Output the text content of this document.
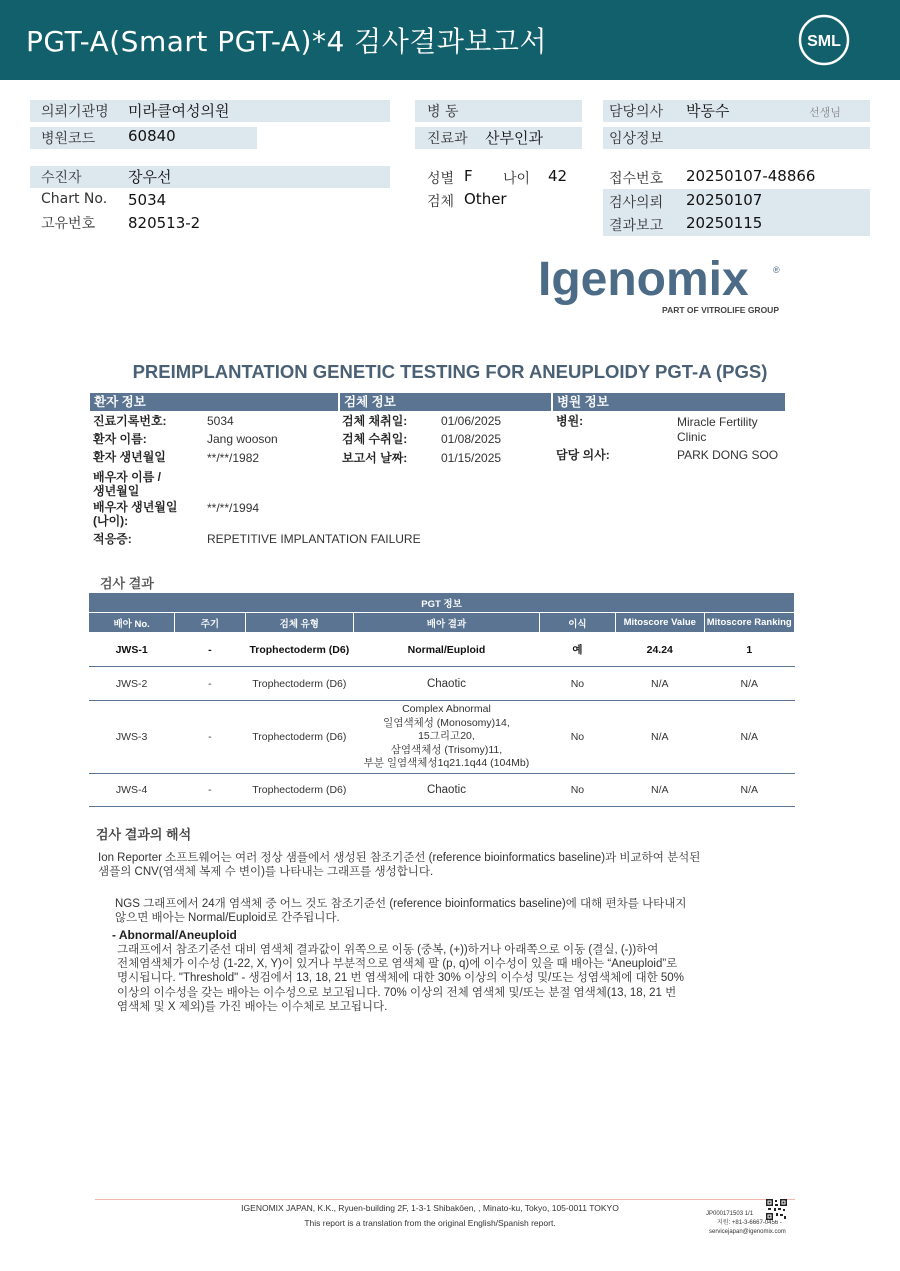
PGT-A(Smart PGT-A)*4 검사결과보고서	SML
의뢰기관명 미라클여성의원	병 동	담당의사 박동수	선생님
병원코드 60840	진료과 산부인과	임상정보
수진자	장우선	성별 F 나이 42	접수번호 20250107-48866
Chart No. 5034
고유번호 820513-2
검체 Other	검사의뢰 20250107
결과보고 20250115
Igenomix	®
PART OF VITROLIFE GROUP
PREIMPLANTATION GENETIC TESTING FOR ANEUPLOIDY PGT-A (PGS)
환자 정보	검체 정보	병원 정보
진료기록번호:	5034
환자 이름:	Jang wooson
환자 생년월일	**/**/1982
배우자 이름 /
생년월일
배우자 생년월일
(나이):
**/**/1994
적응증:	REPETITIVE IMPLANTATION FAILURE
검체 채취일:	01/06/2025
검체 수취일:	01/08/2025
보고서 날짜:	01/15/2025
병원:	Miracle Fertility
Clinic
담당 의사:	PARK DONG SOO
검사 결과
PGT 정보						
배아 No.	주기	검체 유형	배아 결과	이식	Mitoscore Value	Mitoscore Ranking
JWS-1	-	Trophectoderm (D6)	Normal/Euploid	예	24.24	1
JWS-2	-	Trophectoderm (D6)	Chaotic	No	N/A	N/A
JWS-3	-	Trophectoderm (D6)	Complex Abnormal
일염색체성 (Monosomy)14,
15그리고20,
삼염색체성 (Trisomy)11,
부분 일염색체성1q21.1q44 (104Mb)	No	N/A	N/A
JWS-4	-	Trophectoderm (D6)	Chaotic	No	N/A	N/A
검사 결과의 해석
Ion Reporter 소프트웨어는 여러 정상 샘플에서 생성된 참조기준선 (reference bioinformatics baseline)과 비교하여 분석된
샘플의 CNV(염색체 복제 수 변이)를 나타내는 그래프를 생성합니다.
NGS 그래프에서 24개 염색체 중 어느 것도 참조기준선 (reference bioinformatics baseline)에 대해 편차를 나타내지
않으면 배아는 Normal/Euploid로 간주됩니다.
- Abnormal/Aneuploid
그래프에서 참조기준선 대비 염색체 결과값이 위쪽으로 이동 (중복, (+))하거나 아래쪽으로 이동 (결실, (-))하여
전체염색체가 이수성 (1-22, X, Y)이 있거나 부분적으로 염색체 팔 (p, q)에 이수성이 있을 때 배아는 “Aneuploid”로
명시됩니다. "Threshold" - 생검에서 13, 18, 21 번 염색체에 대한 30% 이상의 이수성 및/또는 성염색체에 대한 50%
이상의 이수성을 갖는 배아는 이수성으로 보고됩니다. 70% 이상의 전체 염색체 및/또는 분절 염색체(13, 18, 21 번
염색체 및 X 제외)를 가진 배아는 이수체로 보고됩니다.
IGENOMIX JAPAN, K.K., Ryuen-building 2F, 1-3-1 Shibakōen, , Minato-ku, Tokyo, 105-0011 TOKYO
This report is a translation from the original English/Spanish report.
JP000171503 1/1
지원: +81-3-6667-0456 -
servicejapan@igenomix.com
